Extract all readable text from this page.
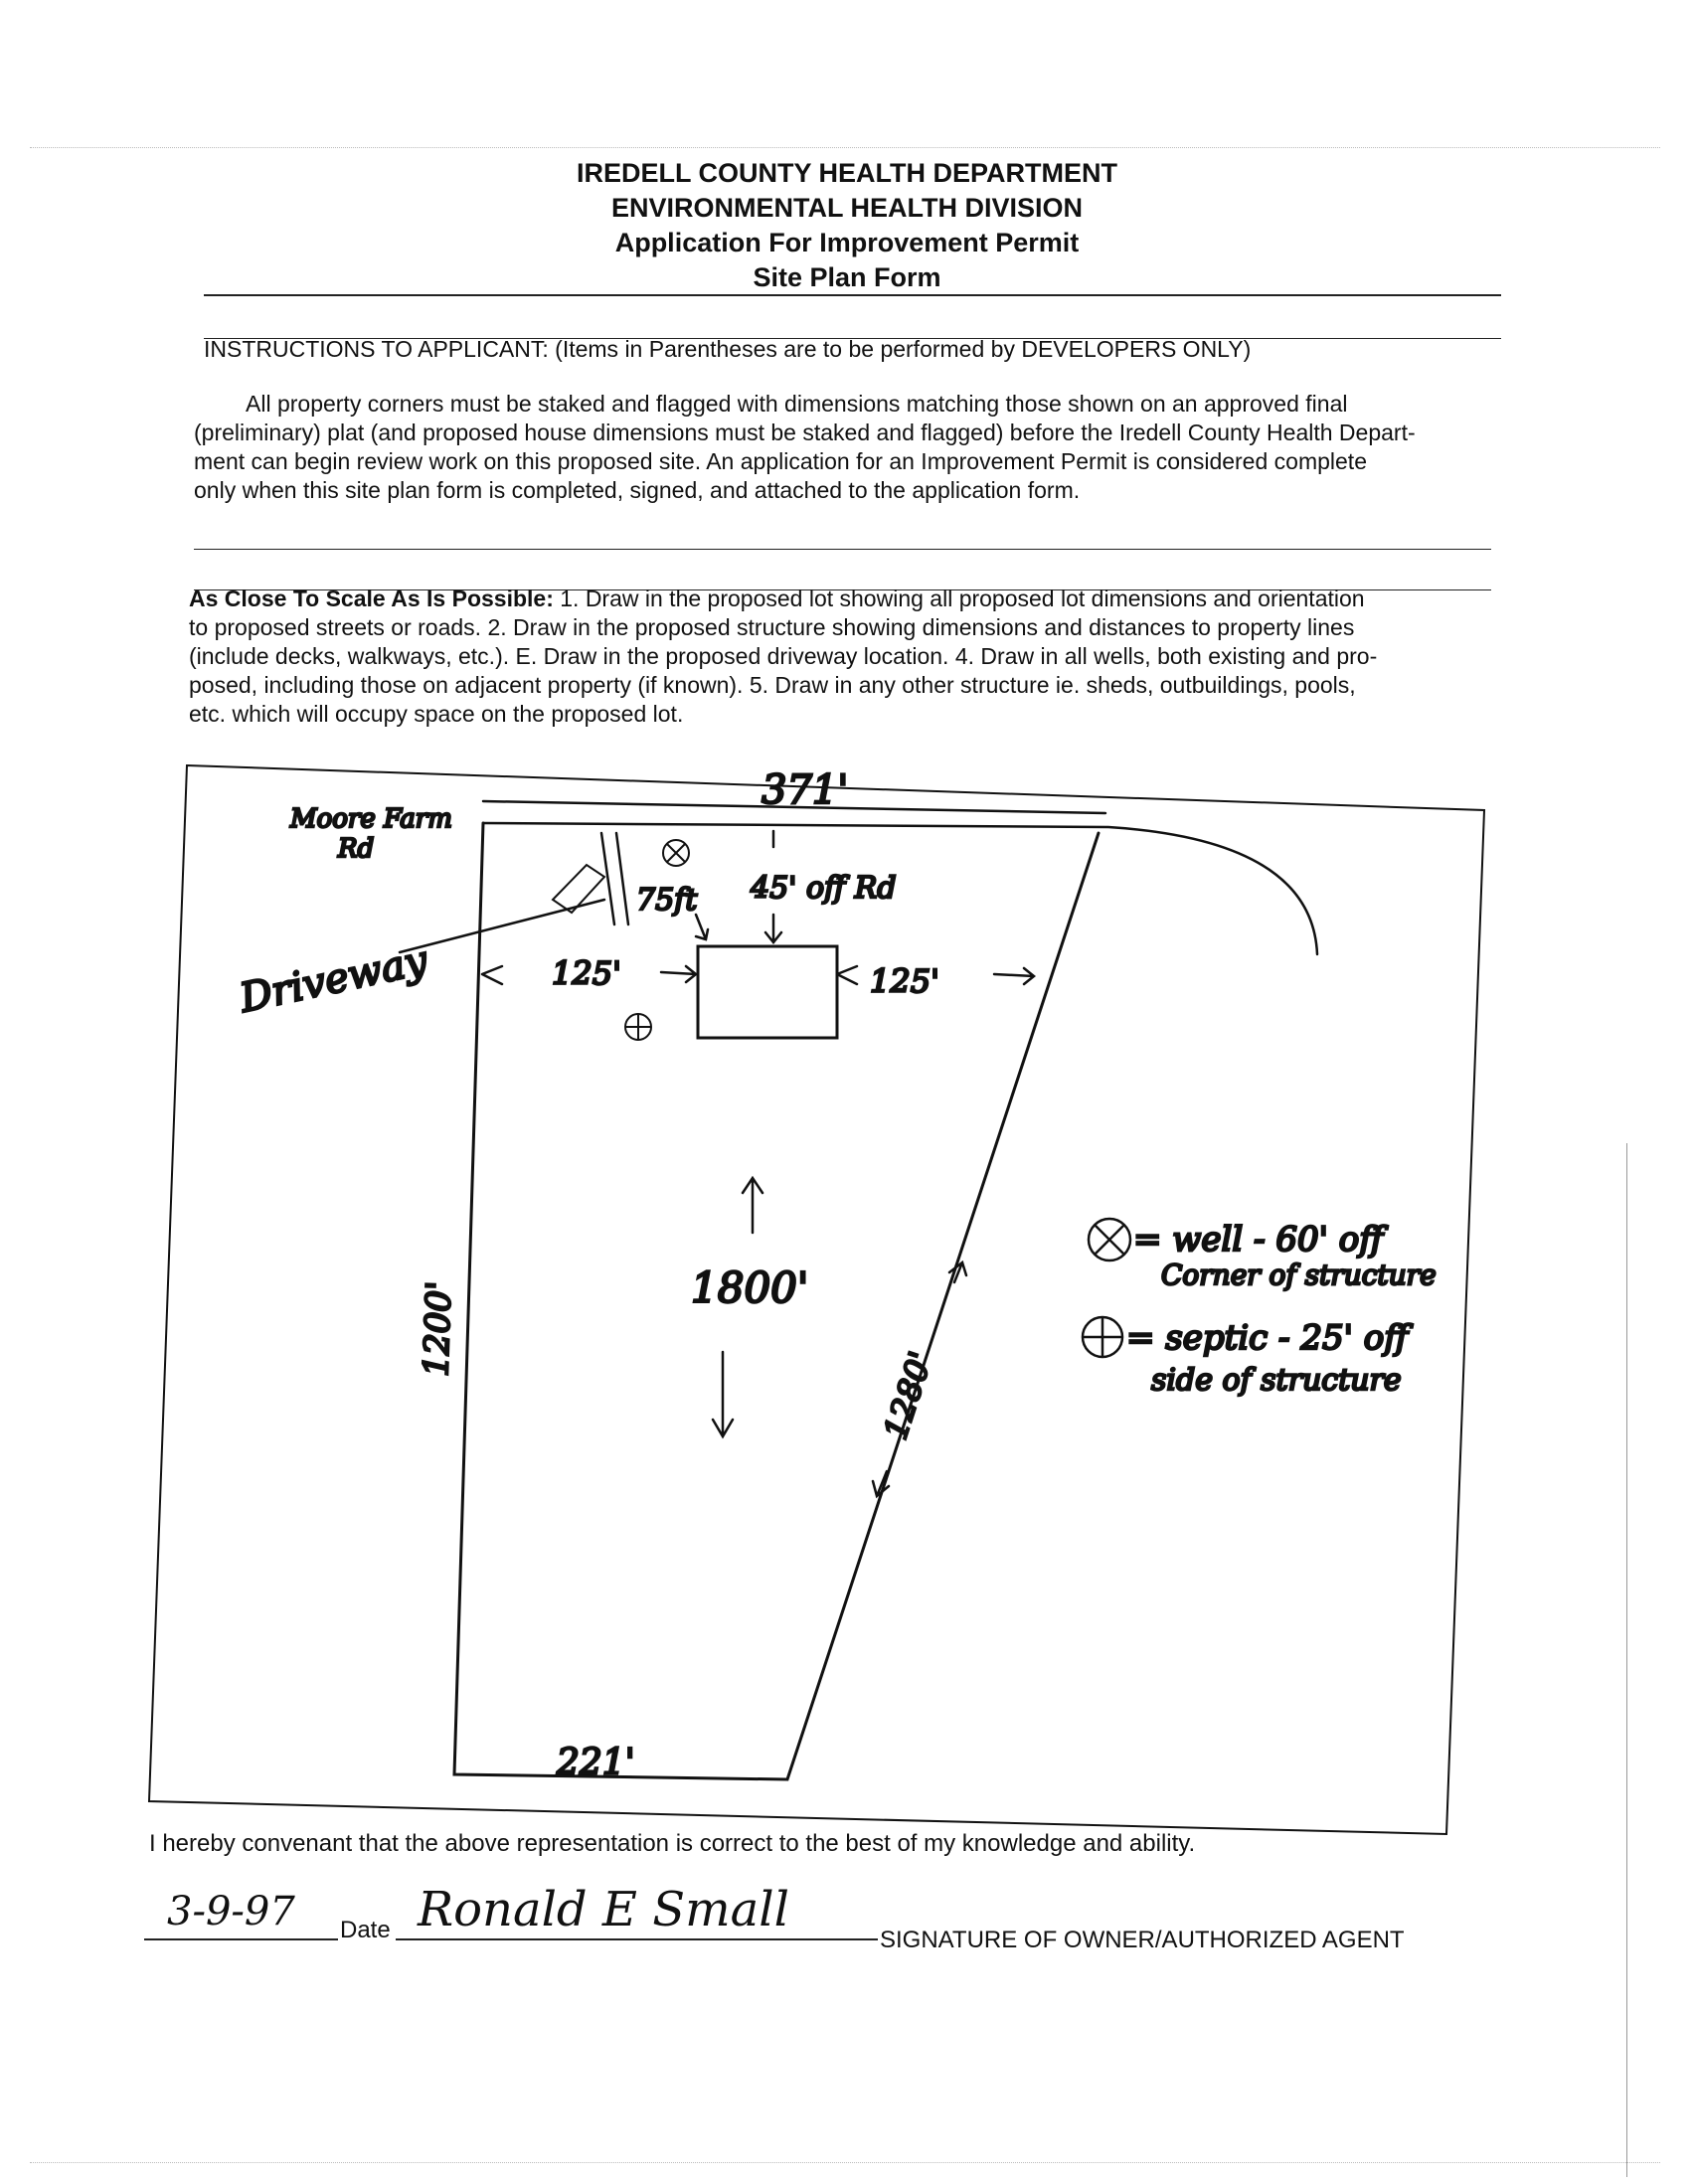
IREDELL COUNTY HEALTH DEPARTMENT
ENVIRONMENTAL HEALTH DIVISION
Application For Improvement Permit
Site Plan Form
INSTRUCTIONS TO APPLICANT: (Items in Parentheses are to be performed by DEVELOPERS ONLY)
All property corners must be staked and flagged with dimensions matching those shown on an approved final
(preliminary) plat (and proposed house dimensions must be staked and flagged) before the Iredell County Health Depart-
ment can begin review work on this proposed site. An application for an Improvement Permit is considered complete
only when this site plan form is completed, signed, and attached to the application form.
As Close To Scale As Is Possible: 1. Draw in the proposed lot showing all proposed lot dimensions and orientation
to proposed streets or roads. 2. Draw in the proposed structure showing dimensions and distances to property lines
(include decks, walkways, etc.). E. Draw in the proposed driveway location. 4. Draw in all wells, both existing and pro-
posed, including those on adjacent property (if known). 5. Draw in any other structure ie. sheds, outbuildings, pools,
etc. which will occupy space on the proposed lot.
371'
Moore Farm
Rd
Driveway
75ft 45' off Rd
125'	125'
1800'
1200'
1280'
221'
= well - 60' off
Corner of structure
= septic - 25' off
side of structure
I hereby convenant that the above representation is correct to the best of my knowledge and ability.
3-9-97 Date Ronald E Small
SIGNATURE OF OWNER/AUTHORIZED AGENT
